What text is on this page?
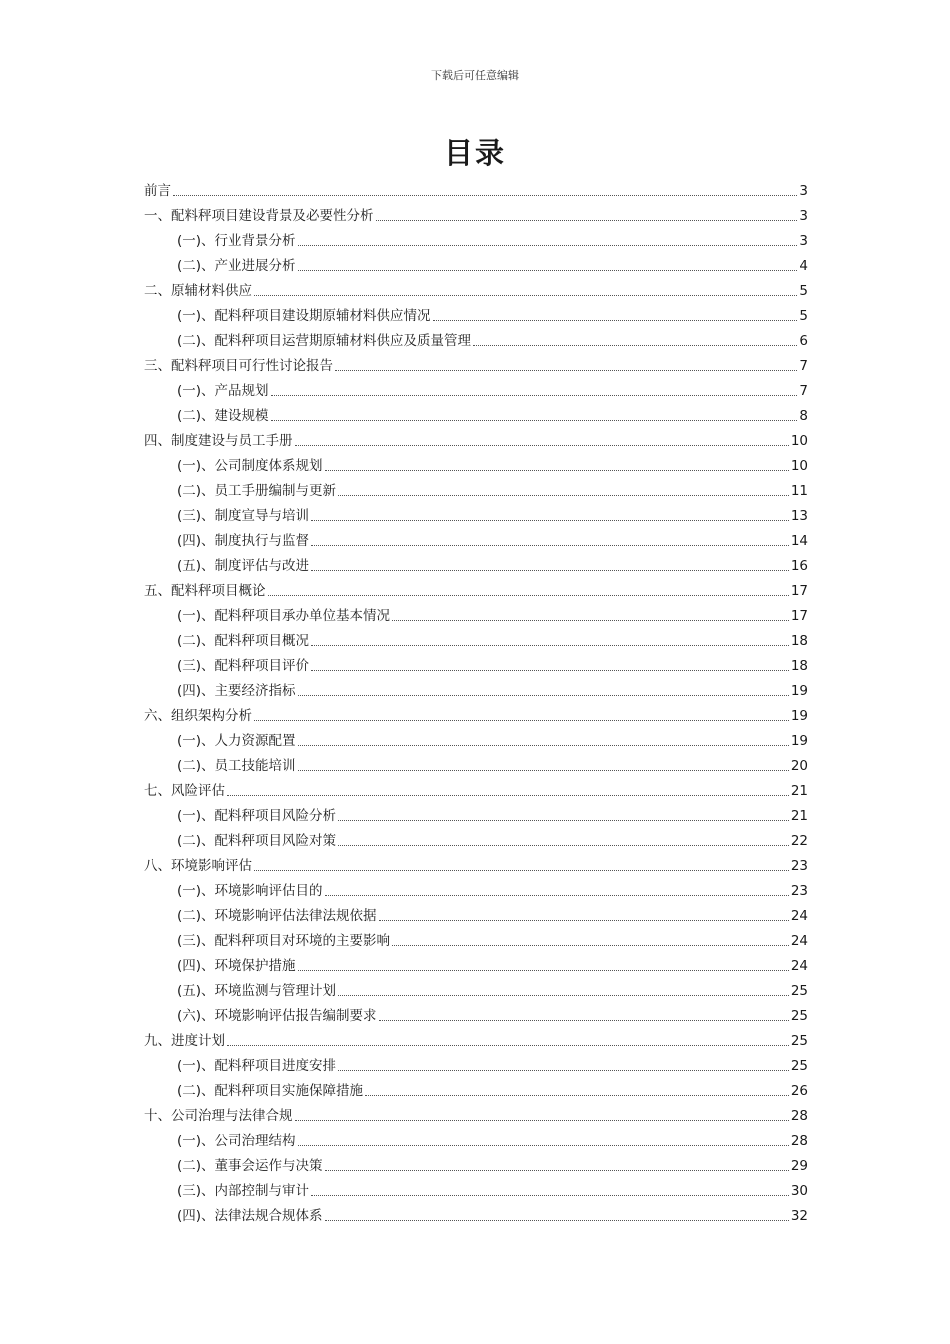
下载后可任意编辑
目录
前言	3
一、配料秤项目建设背景及必要性分析	3
(一)、行业背景分析	3
(二)、产业进展分析	4
二、原辅材料供应	5
(一)、配料秤项目建设期原辅材料供应情况	5
(二)、配料秤项目运营期原辅材料供应及质量管理	6
三、配料秤项目可行性讨论报告	7
(一)、产品规划	7
(二)、建设规模	8
四、制度建设与员工手册	10
(一)、公司制度体系规划	10
(二)、员工手册编制与更新	11
(三)、制度宣导与培训	13
(四)、制度执行与监督	14
(五)、制度评估与改进	16
五、配料秤项目概论	17
(一)、配料秤项目承办单位基本情况	17
(二)、配料秤项目概况	18
(三)、配料秤项目评价	18
(四)、主要经济指标	19
六、组织架构分析	19
(一)、人力资源配置	19
(二)、员工技能培训	20
七、风险评估	21
(一)、配料秤项目风险分析	21
(二)、配料秤项目风险对策	22
八、环境影响评估	23
(一)、环境影响评估目的	23
(二)、环境影响评估法律法规依据	24
(三)、配料秤项目对环境的主要影响	24
(四)、环境保护措施	24
(五)、环境监测与管理计划	25
(六)、环境影响评估报告编制要求	25
九、进度计划	25
(一)、配料秤项目进度安排	25
(二)、配料秤项目实施保障措施	26
十、公司治理与法律合规	28
(一)、公司治理结构	28
(二)、董事会运作与决策	29
(三)、内部控制与审计	30
(四)、法律法规合规体系	32
